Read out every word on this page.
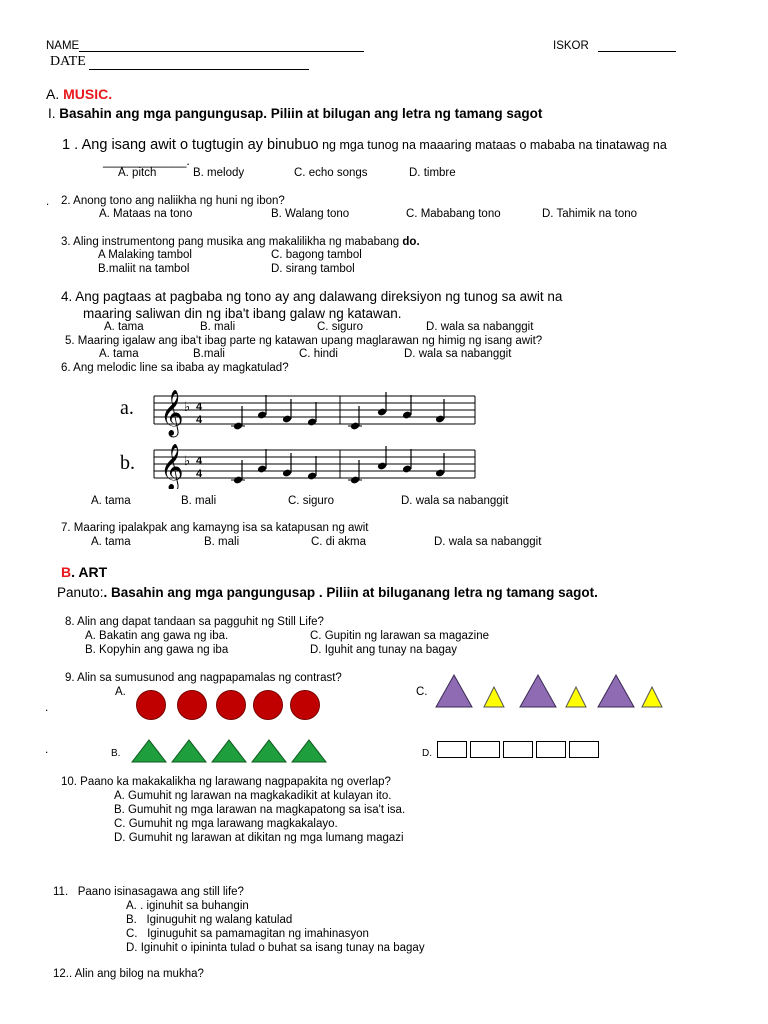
NAME	ISKOR
DATE
A. MUSIC.
I. Basahin ang mga pangungusap. Piliin at bilugan ang letra ng tamang sagot
1 . Ang isang awit o tugtugin ay binubuo ng mga tunog na maaaring mataas o mababa na tinatawag na
____________.
A. pitch	B. melody	C. echo songs	D. timbre
. 2. Anong tono ang naliikha ng huni ng ibon?
A. Mataas na tono	B. Walang tono	C. Mababang tono	D. Tahimik na tono
3. Aling instrumentong pang musika ang makalilikha ng mababang do.
A Malaking tambol	C. bagong tambol
B.maliit na tambol	D. sirang tambol
4. Ang pagtaas at pagbaba ng tono ay ang dalawang direksiyon ng tunog sa awit na
maaring saliwan din ng iba't ibang galaw ng katawan.
A. tama	B. mali	C. siguro	D. wala sa nabanggit
5. Maaring igalaw ang iba't ibag parte ng katawan upang maglarawan ng himig ng isang awit?
A. tama	B.mali	C. hindi	D. wala sa nabanggit
6. Ang melodic line sa ibaba ay magkatulad?
a.
b.
𝄞
𝄞
♭
♭
4
4
4
4
A. tama	B. mali	C. siguro	D. wala sa nabanggit
7. Maaring ipalakpak ang kamayng isa sa katapusan ng awit
A. tama	B. mali	C. di akma	D. wala sa nabanggit
B. ART
Panuto:. Basahin ang mga pangungusap . Piliin at biluganang letra ng tamang sagot.
8. Alin ang dapat tandaan sa pagguhit ng Still Life?
A. Bakatin ang gawa ng iba.	C. Gupitin ng larawan sa magazine
B. Kopyhin ang gawa ng iba	D. Iguhit ang tunay na bagay
9. Alin sa sumusunod ang nagpapamalas ng contrast?
A.
.
C.
.	B.	D.
10. Paano ka makakalikha ng larawang nagpapakita ng overlap?
A. Gumuhit ng larawan na magkakadikit at kulayan ito.
B. Gumuhit ng mga larawan na magkapatong sa isa't isa.
C. Gumuhit ng mga larawang magkakalayo.
D. Gumuhit ng larawan at dikitan ng mga lumang magazi
11. Paano isinasagawa ang still life?
A. . iginuhit sa buhangin
B. Iginuguhit ng walang katulad
C. Iginuguhit sa pamamagitan ng imahinasyon
D. Iginuhit o ipininta tulad o buhat sa isang tunay na bagay
12.. Alin ang bilog na mukha?
